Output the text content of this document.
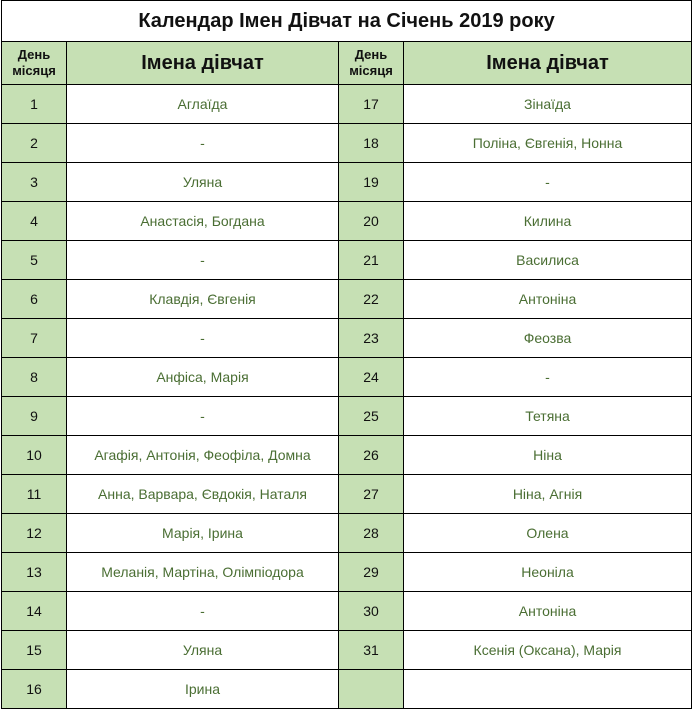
Календар Імен Дівчат на Січень 2019 року			
День місяця	Імена дівчат	День місяця	Імена дівчат
1	Аглаїда	17	Зінаїда
2	-	18	Поліна, Євгенія, Нонна
3	Уляна	19	-
4	Анастасія, Богдана	20	Килина
5	-	21	Василиса
6	Клавдія, Євгенія	22	Антоніна
7	-	23	Феозва
8	Анфіса, Марія	24	-
9	-	25	Тетяна
10	Агафія, Антонія, Феофіла, Домна	26	Ніна
11	Анна, Варвара, Євдокія, Наталя	27	Ніна, Агнія
12	Марія, Ірина	28	Олена
13	Меланія, Мартіна, Олімпіодора	29	Неоніла
14	-	30	Антоніна
15	Уляна	31	Ксенія (Оксана), Марія
16	Ірина		
